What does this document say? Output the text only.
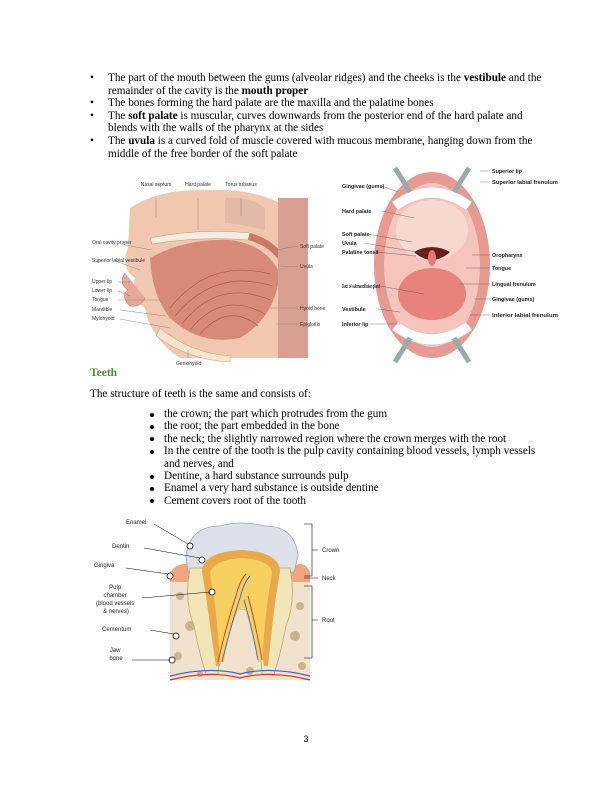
• The part of the mouth between the gums (alveolar ridges) and the cheeks is the vestibule and the remainder of the cavity is the mouth proper
• The bones forming the hard palate are the maxilla and the palatine bones
• The soft palate is muscular, curves downwards from the posterior end of the hard palate and blends with the walls of the pharynx at the sides
• The uvula is a curved fold of muscle covered with mucous membrane, hanging down from the middle of the free border of the soft palate
Nasal septum	Hard palate	Torus tubarius
Oral cavity proper
Superior labial vestibule
Upper lip
Lower lip
Tongue
Mandible
Mylohyoid
Geniohyoid
Soft palate
Uvula
Hyoid bone
Epiglottis
Gingivae (gums)
Hard palate
Soft palate
Uvula
Palatine tonsil
Duct of submandibular gland
Vestibule
Inferior lip
Superior lip
Superior labial frenulum
Oropharynx
Tongue
Lingual frenulum
Gingivae (gums)
Inferior labial frenulum
Teeth
The structure of teeth is the same and consists of:
the crown; the part which protrudes from the gum
the root; the part embedded in the bone
the neck; the slightly narrowed region where the crown merges with the root
In the centre of the tooth is the pulp cavity containing blood vessels, lymph vessels and nerves, and
Dentine, a hard substance surrounds pulp
Enamel a very hard substance is outside dentine
Cement covers root of the tooth
Enamel
Dentin
Gingiva
Pulp chamber (blood vessels & nerves)
Cementum
Jaw bone
Crown
Neck
Root
3
